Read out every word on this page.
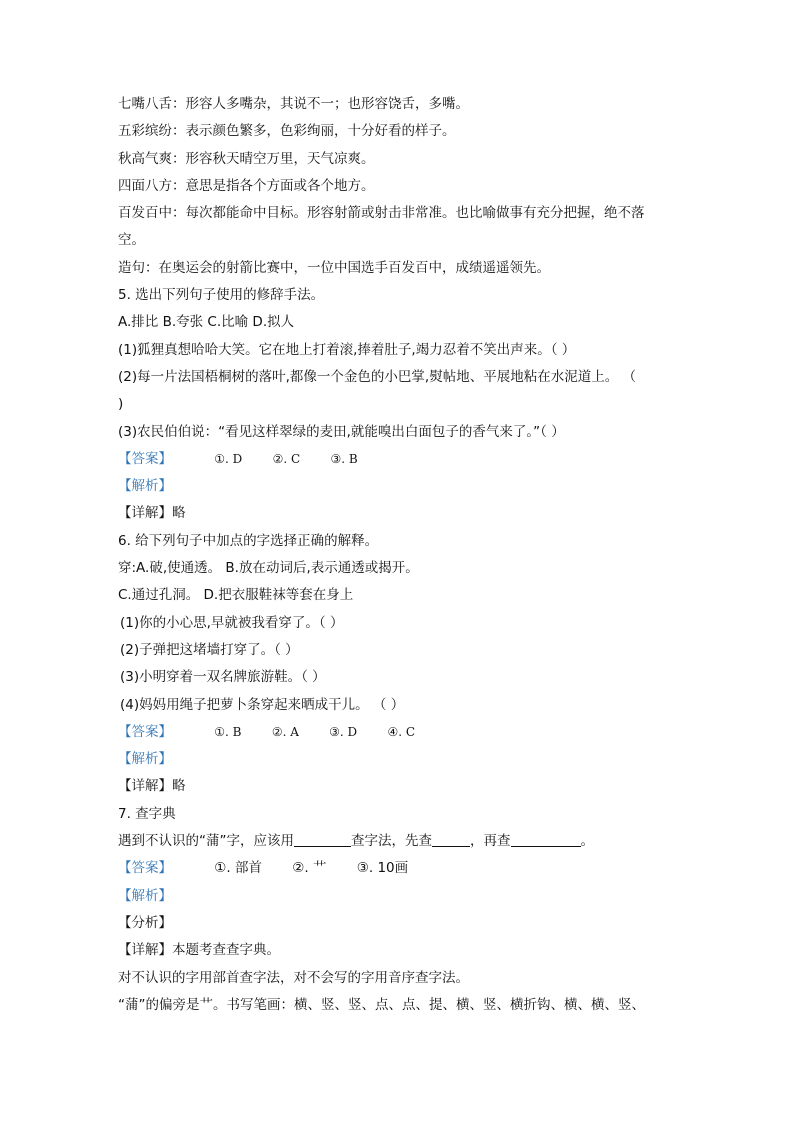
七嘴八舌：形容人多嘴杂，其说不一；也形容饶舌，多嘴。
五彩缤纷：表示颜色繁多，色彩绚丽，十分好看的样子。
秋高气爽：形容秋天晴空万里，天气凉爽。
四面八方：意思是指各个方面或各个地方。
百发百中：每次都能命中目标。形容射箭或射击非常准。也比喻做事有充分把握，绝不落
空。
造句：在奥运会的射箭比赛中，一位中国选手百发百中，成绩遥遥领先。
5. 选出下列句子使用的修辞手法。
A.排比 B.夸张 C.比喻 D.拟人
(1)狐狸真想哈哈大笑。它在地上打着滚,捧着肚子,竭力忍着不笑出声来。（ ）
(2)每一片法国梧桐树的落叶,都像一个金色的小巴掌,熨帖地、平展地粘在水泥道上。 （
)
(3)农民伯伯说：“看见这样翠绿的麦田,就能嗅出白面包子的香气来了。”（ ）
【答案】	①. D	②. C	③. B
【解析】
【详解】略
6. 给下列句子中加点的字选择正确的解释。
穿:A.破,使通透。 B.放在动词后,表示通透或揭开。
C.通过孔洞。 D.把衣服鞋袜等套在身上
(1)你的小心思,早就被我看穿了。（ ）
(2)子弹把这堵墙打穿了。（ ）
(3)小明穿着一双名牌旅游鞋。（ ）
(4)妈妈用绳子把萝卜条穿起来晒成干儿。 （ ）
【答案】	①. B	②. A	③. D	④. C
【解析】
【详解】略
7. 查字典
遇到不认识的“蒲”字，应该用	查字法，先查	，再查	。
【答案】	①. 部首 ②. 艹 ③. 10画
【解析】
【分析】
【详解】本题考查查字典。
对不认识的字用部首查字法，对不会写的字用音序查字法。
“蒲”的偏旁是艹。书写笔画：横、竖、竖、点、点、提、横、竖、横折钩、横、横、竖、
